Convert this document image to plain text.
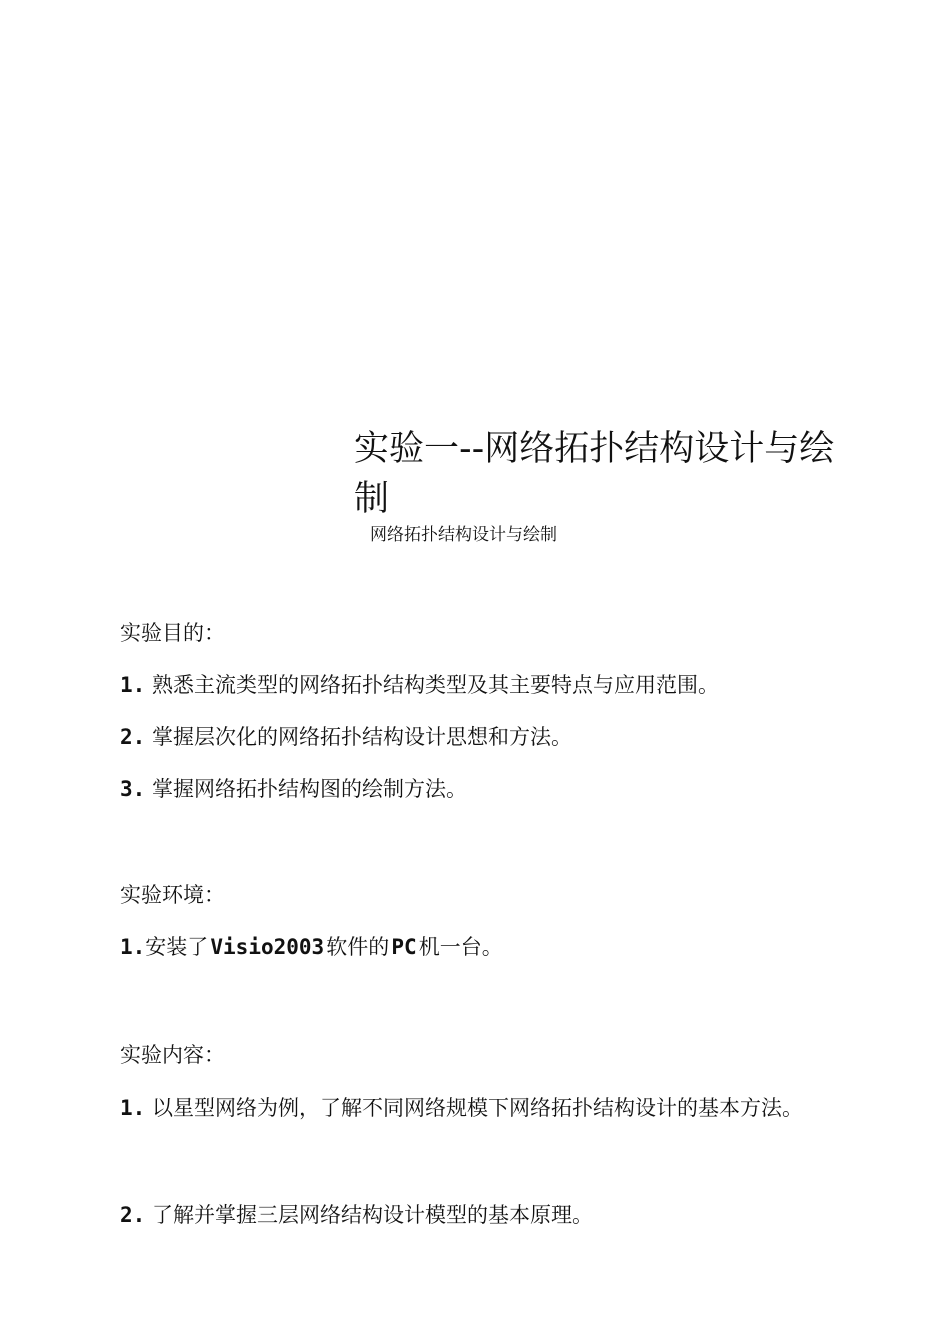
实验一--网络拓扑结构设计与绘制
网络拓扑结构设计与绘制
实验目的：
1. 熟悉主流类型的网络拓扑结构类型及其主要特点与应用范围。
2. 掌握层次化的网络拓扑结构设计思想和方法。
3. 掌握网络拓扑结构图的绘制方法。
实验环境：
1.安装了 Visio2003 软件的 PC 机一台。
实验内容：
1. 以星型网络为例，了解不同网络规模下网络拓扑结构设计的基本方法。
2. 了解并掌握三层网络结构设计模型的基本原理。
